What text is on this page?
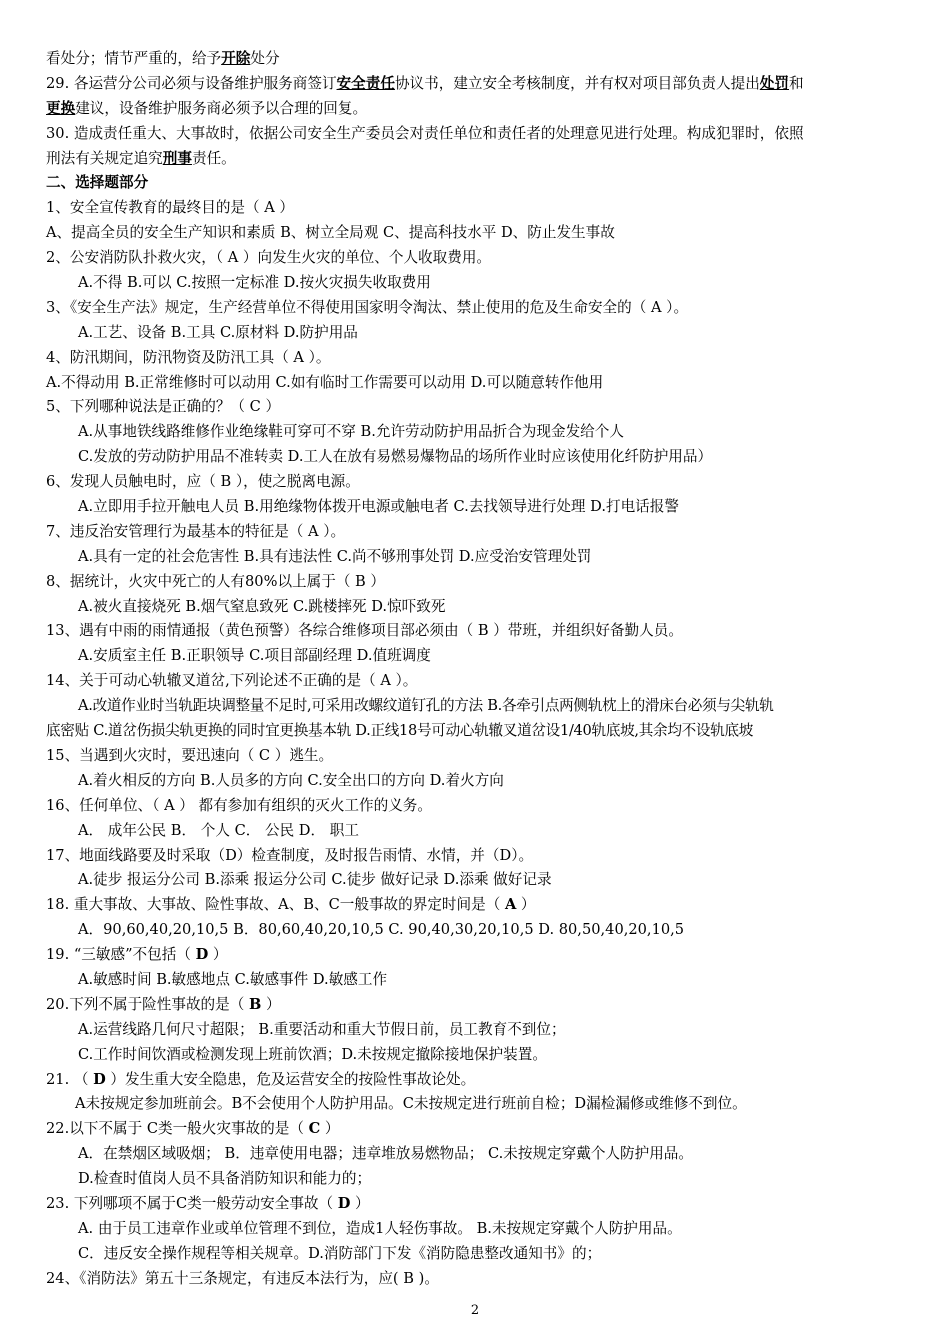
看处分；情节严重的，给予开除处分
29. 各运营分公司必须与设备维护服务商签订安全责任协议书，建立安全考核制度，并有权对项目部负责人提出处罚和
更换建议，设备维护服务商必须予以合理的回复。
30. 造成责任重大、大事故时，依据公司安全生产委员会对责任单位和责任者的处理意见进行处理。构成犯罪时，依照
刑法有关规定追究刑事责任。
二、选择题部分
1、安全宣传教育的最终目的是（ A ）
A、提高全员的安全生产知识和素质 B、树立全局观 C、提高科技水平 D、防止发生事故
2、公安消防队扑救火灾，（ A ）向发生火灾的单位、个人收取费用。
A.不得 B.可以 C.按照一定标准 D.按火灾损失收取费用
3、《安全生产法》规定，生产经营单位不得使用国家明令淘汰、禁止使用的危及生命安全的（ A ）。
A.工艺、设备 B.工具 C.原材料 D.防护用品
4、防汛期间，防汛物资及防汛工具（ A ）。
A.不得动用 B.正常维修时可以动用 C.如有临时工作需要可以动用 D.可以随意转作他用
5、下列哪种说法是正确的？（ C ）
A.从事地铁线路维修作业绝缘鞋可穿可不穿 B.允许劳动防护用品折合为现金发给个人
C.发放的劳动防护用品不准转卖 D.工人在放有易燃易爆物品的场所作业时应该使用化纤防护用品）
6、发现人员触电时，应（ B ），使之脱离电源。
A.立即用手拉开触电人员 B.用绝缘物体拨开电源或触电者 C.去找领导进行处理 D.打电话报警
7、违反治安管理行为最基本的特征是（ A ）。
A.具有一定的社会危害性 B.具有违法性 C.尚不够刑事处罚 D.应受治安管理处罚
8、据统计，火灾中死亡的人有80%以上属于（ B ）
A.被火直接烧死 B.烟气窒息致死 C.跳楼摔死 D.惊吓致死
13、遇有中雨的雨情通报（黄色预警）各综合维修项目部必须由（ B ）带班，并组织好备勤人员。
A.安质室主任 B.正职领导 C.项目部副经理 D.值班调度
14、关于可动心轨辙叉道岔,下列论述不正确的是（ A ）。
A.改道作业时当轨距块调整量不足时,可采用改螺纹道钉孔的方法 B.各牵引点两侧轨枕上的滑床台必须与尖轨轨
底密贴 C.道岔伤损尖轨更换的同时宜更换基本轨 D.正线18号可动心轨辙叉道岔设1/40轨底坡,其余均不设轨底坡
15、当遇到火灾时，要迅速向（ C ）逃生。
A.着火相反的方向 B.人员多的方向 C.安全出口的方向 D.着火方向
16、任何单位、（ A ） 都有参加有组织的灭火工作的义务。
A． 成年公民 B． 个人 C． 公民 D． 职工
17、地面线路要及时采取（D）检查制度，及时报告雨情、水情，并（D）。
A.徒步 报运分公司 B.添乘 报运分公司 C.徒步 做好记录 D.添乘 做好记录
18. 重大事故、大事故、险性事故、A、B、C一般事故的界定时间是（ A ）
A．90,60,40,20,10,5 B．80,60,40,20,10,5 C. 90,40,30,20,10,5 D. 80,50,40,20,10,5
19. “三敏感”不包括（ D ）
A.敏感时间 B.敏感地点 C.敏感事件 D.敏感工作
20.下列不属于险性事故的是（ B ）
A.运营线路几何尺寸超限； B.重要活动和重大节假日前，员工教育不到位；
C.工作时间饮酒或检测发现上班前饮酒；D.未按规定撤除接地保护装置。
21. （ D ）发生重大安全隐患，危及运营安全的按险性事故论处。
A未按规定参加班前会。B不会使用个人防护用品。C未按规定进行班前自检；D漏检漏修或维修不到位。
22.以下不属于 C类一般火灾事故的是（ C ）
A．在禁烟区域吸烟； B．违章使用电器；违章堆放易燃物品； C.未按规定穿戴个人防护用品。
D.检查时值岗人员不具备消防知识和能力的；
23. 下列哪项不属于C类一般劳动安全事故（ D ）
A. 由于员工违章作业或单位管理不到位，造成1人轻伤事故。 B.未按规定穿戴个人防护用品。
C．违反安全操作规程等相关规章。D.消防部门下发《消防隐患整改通知书》的；
24、《消防法》第五十三条规定，有违反本法行为，应( B )。
2
